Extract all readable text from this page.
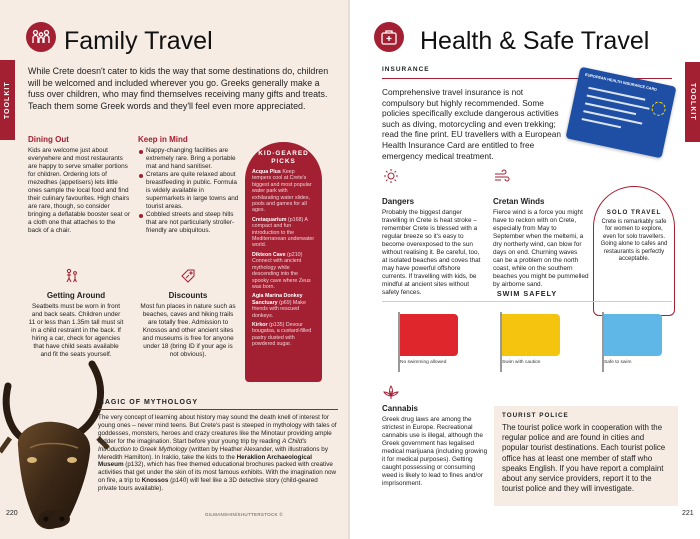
TOOLKIT
Family Travel
While Crete doesn't cater to kids the way that some destinations do, children will be welcomed and included wherever you go. Greeks generally make a fuss over children, who may find themselves receiving many gifts and treats. Teach them some Greek words and they'll feel even more appreciated.
Dining Out
Kids are welcome just about everywhere and most restaurants are happy to serve smaller portions for children. Ordering lots of mezedhes (appetisers) lets little ones sample the local food and find their culinary favourites. High chairs are rare, though, so consider bringing a deflatable booster seat or a cloth one that attaches to the back of a chair.
Keep in Mind
Nappy-changing facilities are extremely rare. Bring a portable mat and hand sanitiser.
Cretans are quite relaxed about breastfeeding in public. Formula is widely available in supermarkets in large towns and tourist areas.
Cobbled streets and steep hills that are not particularly stroller-friendly are ubiquitous.
KID-GEARED
PICKS
Acqua Plus Keep tempers cool at Crete's biggest and most popular water park with exhilarating water slides, pools and games for all ages.
Cretaquarium (p168) A compact and fun introduction to the Mediterranean underwater world.
Dikteon Cave (p210) Connect with ancient mythology while descending into the spooky cave where Zeus was born.
Agia Marina Donkey Sanctuary (p69) Make friends with rescued donkeys.
Kirkor (p135) Devour bougatsa, a custard-filled pastry dusted with powdered sugar.
Getting Around
Seatbelts must be worn in front and back seats. Children under 11 or less than 1.35m tall must sit in a child restraint in the back. If hiring a car, check for agencies that have child seats available and fit the seats yourself.
Discounts
Most fun places in nature such as beaches, caves and hiking trails are totally free. Admission to Knossos and other ancient sites and museums is free for anyone under 18 (bring ID if your age is not obvious).
MAGIC OF MYTHOLOGY
The very concept of learning about history may sound the death knell of interest for young ones – never mind teens. But Crete's past is steeped in mythology with tales of goddesses, monsters, heroes and crazy creatures like the Minotaur providing ample fodder for the imagination. Start before your young trip by reading A Child's Introduction to Greek Mythology (written by Heather Alexander, with illustrations by Meredith Hamilton). In Iraklio, take the kids to the Heraklion Archaeological Museum (p132), which has free themed educational brochures packed with creative activities that get under the skin of its most famous exhibits. With the imagination now on fire, a trip to Knossos (p140) will feel like a 3D detective story (child-geared private tours available).
220	GILMANSHIN/SHUTTERSTOCK ©
TOOLKIT
Health & Safe Travel
INSURANCE
Comprehensive travel insurance is not compulsory but highly recommended. Some policies specifically exclude dangerous activities such as diving, motorcycling and even trekking; read the fine print. EU travellers with a European Health Insurance Card are entitled to free emergency medical treatment.
EUROPEAN HEALTH INSURANCE CARD
Dangers
Probably the biggest danger travelling in Crete is heat stroke – remember Crete is blessed with a regular breeze so it's easy to become overexposed to the sun without realising it. Be careful, too, at isolated beaches and coves that may have powerful offshore currents. If travelling with kids, be mindful at ancient sites without safety fences.
Cretan Winds
Fierce wind is a force you might have to reckon with on Crete, especially from May to September when the meltemi, a dry northerly wind, can blow for days on end. Churning waves can be a problem on the north coast, while on the southern beaches you might be pummelled by airborne sand.
SOLO TRAVEL
Crete is remarkably safe for women to explore, even for solo travellers. Going alone to cafes and restaurants is perfectly acceptable.
SWIM SAFELY
No swimming allowed	Swim with caution	Safe to swim
Cannabis
Greek drug laws are among the strictest in Europe. Recreational cannabis use is illegal, although the Greek government has legalised medical marijuana (including growing it for medical purposes). Getting caught possessing or consuming weed is likely to lead to fines and/or imprisonment.
TOURIST POLICE
The tourist police work in cooperation with the regular police and are found in cities and popular tourist destinations. Each tourist police office has at least one member of staff who speaks English. If you have report a complaint about any service providers, report it to the tourist police and they will investigate.
221
